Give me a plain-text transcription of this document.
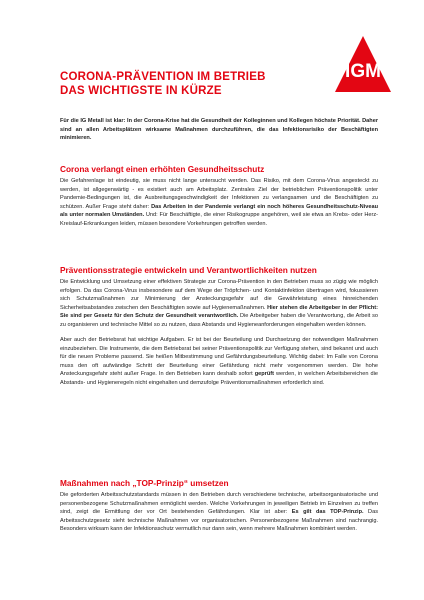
IGM
CORONA-PRÄVENTION IM BETRIEB
DAS WICHTIGSTE IN KÜRZE
Für die IG Metall ist klar: In der Corona-Krise hat die Gesundheit der Kolleginnen und Kollegen höchste Priorität. Daher sind an allen Arbeitsplätzen wirksame Maßnahmen durchzuführen, die das Infektionsrisiko der Beschäftigten minimieren.
Corona verlangt einen erhöhten Gesundheitsschutz

Die Gefahrenlage ist eindeutig, sie muss nicht lange untersucht werden. Das Risiko, mit dem Corona-Virus angesteckt zu werden, ist allgegenwärtig - es existiert auch am Arbeitsplatz. Zentrales Ziel der betrieblichen Präventionspolitik unter Pandemie-Bedingungen ist, die Ausbreitungsgeschwindigkeit der Infektionen zu verlangsamen und die Beschäftigten zu schützen. Außer Frage steht daher: Das Arbeiten in der Pandemie verlangt ein noch höheres Gesundheitsschutz-Niveau als unter normalen Umständen. Und: Für Beschäftigte, die einer Risikogruppe angehören, weil sie etwa an Krebs- oder Herz-Kreislauf-Erkrankungen leiden, müssen besondere Vorkehrungen getroffen werden.

Präventionsstrategie entwickeln und Verantwortlichkeiten nutzen

Die Entwicklung und Umsetzung einer effektiven Strategie zur Corona-Prävention in den Betrieben muss so zügig wie möglich erfolgen. Da das Corona-Virus insbesondere auf dem Wege der Tröpfchen- und Kontaktinfektion übertragen wird, fokussieren sich Schutzmaßnahmen zur Minimierung der Ansteckungsgefahr auf die Gewährleistung eines hinreichenden Sicherheitsabstandes zwischen den Beschäftigten sowie auf Hygienemaßnahmen. Hier stehen die Arbeitgeber in der Pflicht: Sie sind per Gesetz für den Schutz der Gesundheit verantwortlich. Die Arbeitgeber haben die Verantwortung, die Arbeit so zu organisieren und technische Mittel so zu nutzen, dass Abstands und Hygieneanforderungen eingehalten werden können.

Aber auch der Betriebsrat hat wichtige Aufgaben. Er ist bei der Beurteilung und Durchsetzung der notwendigen Maßnahmen einzubeziehen. Die Instrumente, die dem Betriebsrat bei seiner Präventionspolitik zur Verfügung stehen, sind bekannt und auch für die neuen Probleme passend. Sie heißen Mitbestimmung und Gefährdungsbeurteilung. Wichtig dabei: Im Falle von Corona muss den oft aufwändige Schritt der Beurteilung einer Gefährdung nicht mehr vorgenommen werden. Die hohe Ansteckungsgefahr steht außer Frage. In den Betrieben kann deshalb sofort geprüft werden, in welchen Arbeitsbereichen die Abstands- und Hygieneregeln nicht eingehalten und demzufolge Präventionsmaßnahmen erforderlich sind.

Maßnahmen nach „TOP-Prinzip“ umsetzen

Die geforderten Arbeitsschutzstandards müssen in den Betrieben durch verschiedene technische, arbeitsorganisatorische und personenbezogene Schutzmaßnahmen ermöglicht werden. Welche Vorkehrungen in jeweiligen Betrieb im Einzelnen zu treffen sind, zeigt die Ermittlung der vor Ort bestehenden Gefährdungen. Klar ist aber: Es gilt das TOP-Prinzip. Das Arbeitsschutzgesetz sieht technische Maßnahmen vor organisatorischen. Personenbezogene Maßnahmen sind nachrangig. Besonders wirksam kann der Infektionsschutz vermutlich nur dann sein, wenn mehrere Maßnahmen kombiniert werden.
